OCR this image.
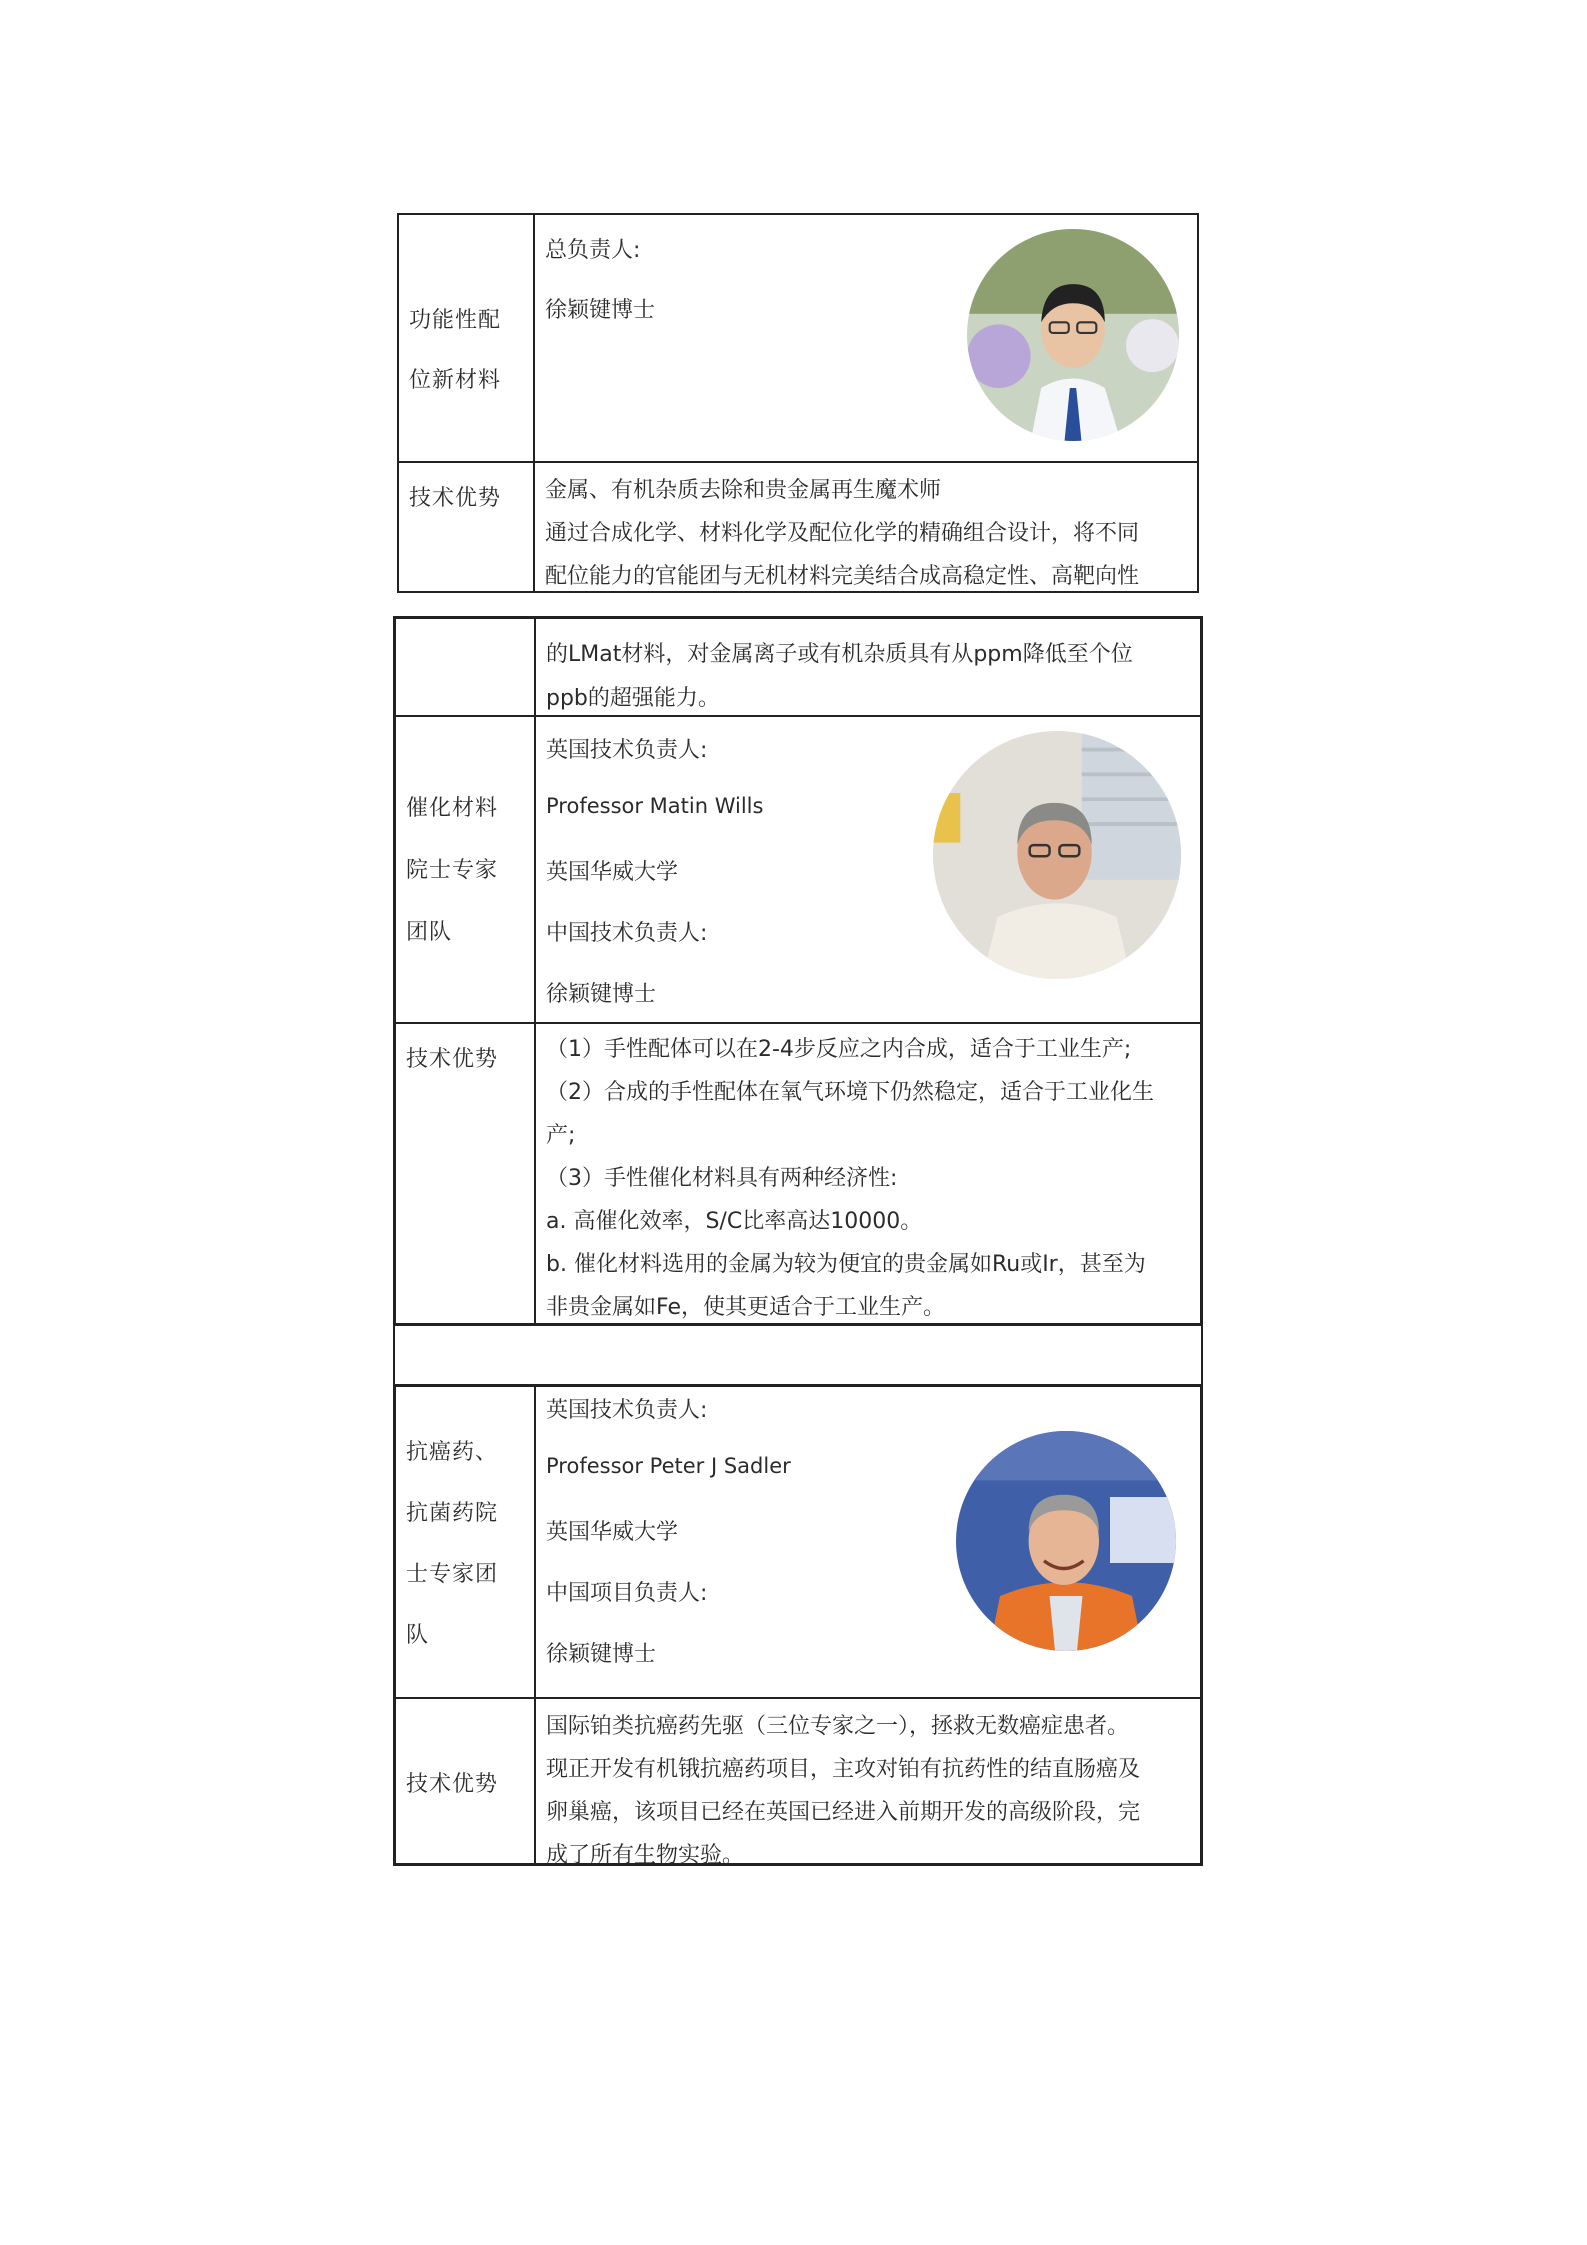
功能性配
位新材料
总负责人:
徐颖键博士
技术优势 金属、有机杂质去除和贵金属再生魔术师
通过合成化学、材料化学及配位化学的精确组合设计，将不同
配位能力的官能团与无机材料完美结合成高稳定性、高靶向性
的LMat材料，对金属离子或有机杂质具有从ppm降低至个位
ppb的超强能力。
催化材料
院士专家
团队
英国技术负责人:
Professor Matin Wills
英国华威大学
中国技术负责人:
徐颖键博士
技术优势 （1）手性配体可以在2-4步反应之内合成，适合于工业生产;
（2）合成的手性配体在氧气环境下仍然稳定，适合于工业化生
产;
（3）手性催化材料具有两种经济性:
a. 高催化效率，S/C比率高达10000。
b. 催化材料选用的金属为较为便宜的贵金属如Ru或Ir，甚至为
非贵金属如Fe，使其更适合于工业生产。
抗癌药、
抗菌药院
士专家团
队
英国技术负责人:
Professor Peter J Sadler
英国华威大学
中国项目负责人:
徐颖键博士
技术优势
国际铂类抗癌药先驱（三位专家之一），拯救无数癌症患者。
现正开发有机锇抗癌药项目，主攻对铂有抗药性的结直肠癌及
卵巢癌，该项目已经在英国已经进入前期开发的高级阶段，完
成了所有生物实验。
